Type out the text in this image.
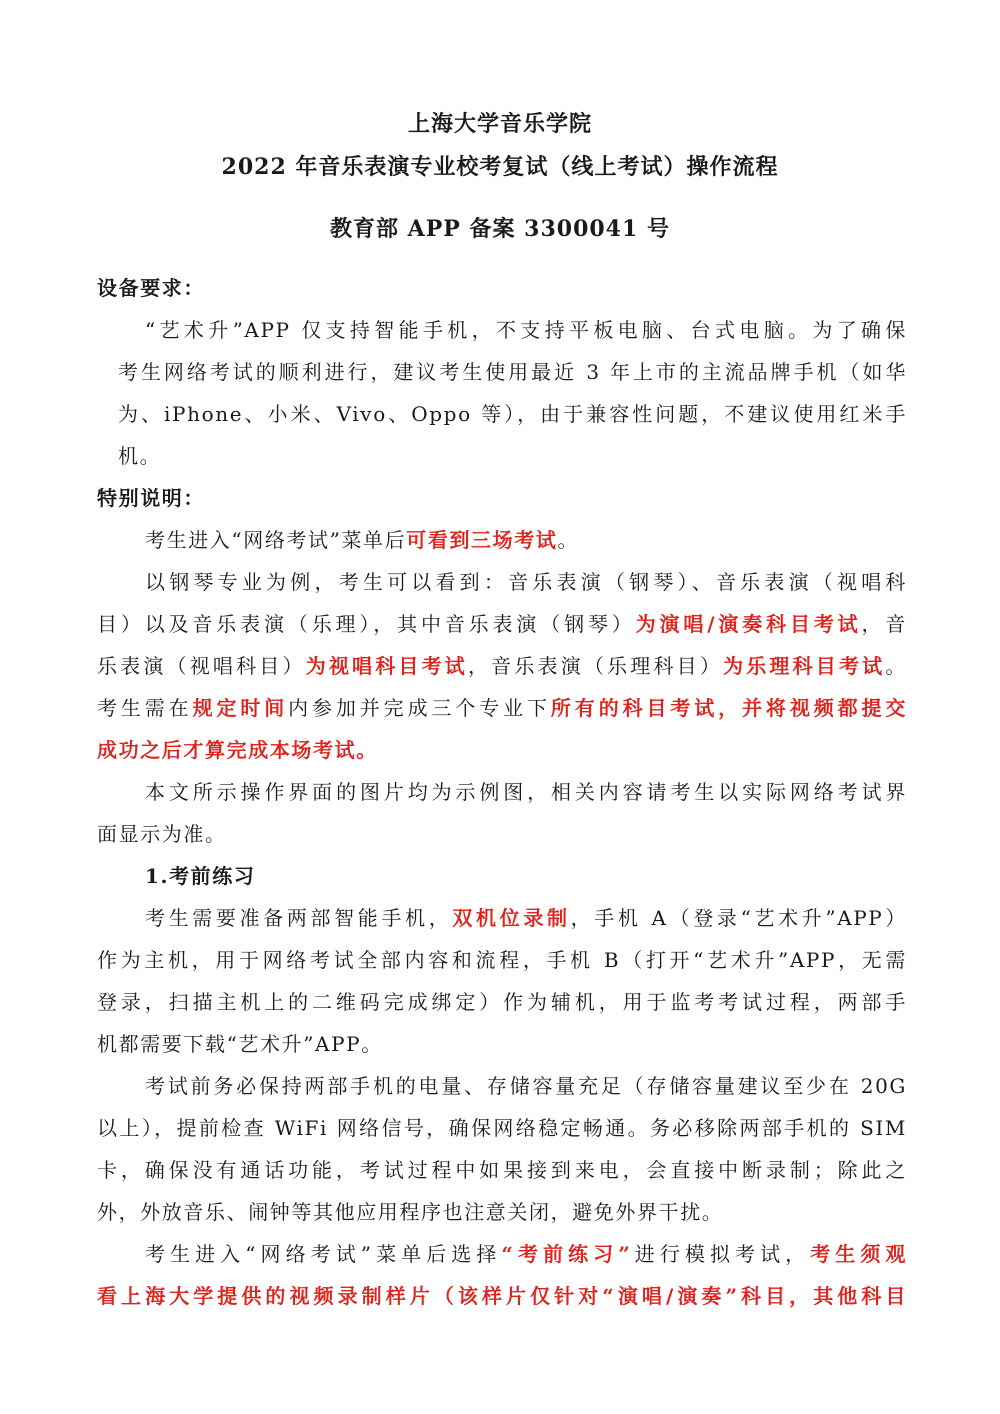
上海大学音乐学院
2022 年音乐表演专业校考复试（线上考试）操作流程
教育部 APP 备案 3300041 号
设备要求：
“艺术升”APP 仅支持智能手机，不支持平板电脑、台式电脑。为了确保
考生网络考试的顺利进行，建议考生使用最近 3 年上市的主流品牌手机（如华
为、iPhone、小米、Vivo、Oppo 等），由于兼容性问题，不建议使用红米手
机。
特别说明：
考生进入“网络考试”菜单后可看到三场考试。
以钢琴专业为例，考生可以看到：音乐表演（钢琴）、音乐表演（视唱科
目）以及音乐表演（乐理），其中音乐表演（钢琴）为演唱/演奏科目考试，音
乐表演（视唱科目）为视唱科目考试，音乐表演（乐理科目）为乐理科目考试。
考生需在规定时间内参加并完成三个专业下所有的科目考试，并将视频都提交
成功之后才算完成本场考试。
本文所示操作界面的图片均为示例图，相关内容请考生以实际网络考试界
面显示为准。
1.考前练习
考生需要准备两部智能手机，双机位录制，手机 A（登录“艺术升”APP）
作为主机，用于网络考试全部内容和流程，手机 B（打开“艺术升”APP，无需
登录，扫描主机上的二维码完成绑定）作为辅机，用于监考考试过程，两部手
机都需要下载“艺术升”APP。
考试前务必保持两部手机的电量、存储容量充足（存储容量建议至少在 20G
以上），提前检查 WiFi 网络信号，确保网络稳定畅通。务必移除两部手机的 SIM
卡，确保没有通话功能，考试过程中如果接到来电，会直接中断录制；除此之
外，外放音乐、闹钟等其他应用程序也注意关闭，避免外界干扰。
考生进入“网络考试”菜单后选择“考前练习”进行模拟考试，考生须观
看上海大学提供的视频录制样片（该样片仅针对“演唱/演奏”科目，其他科目
